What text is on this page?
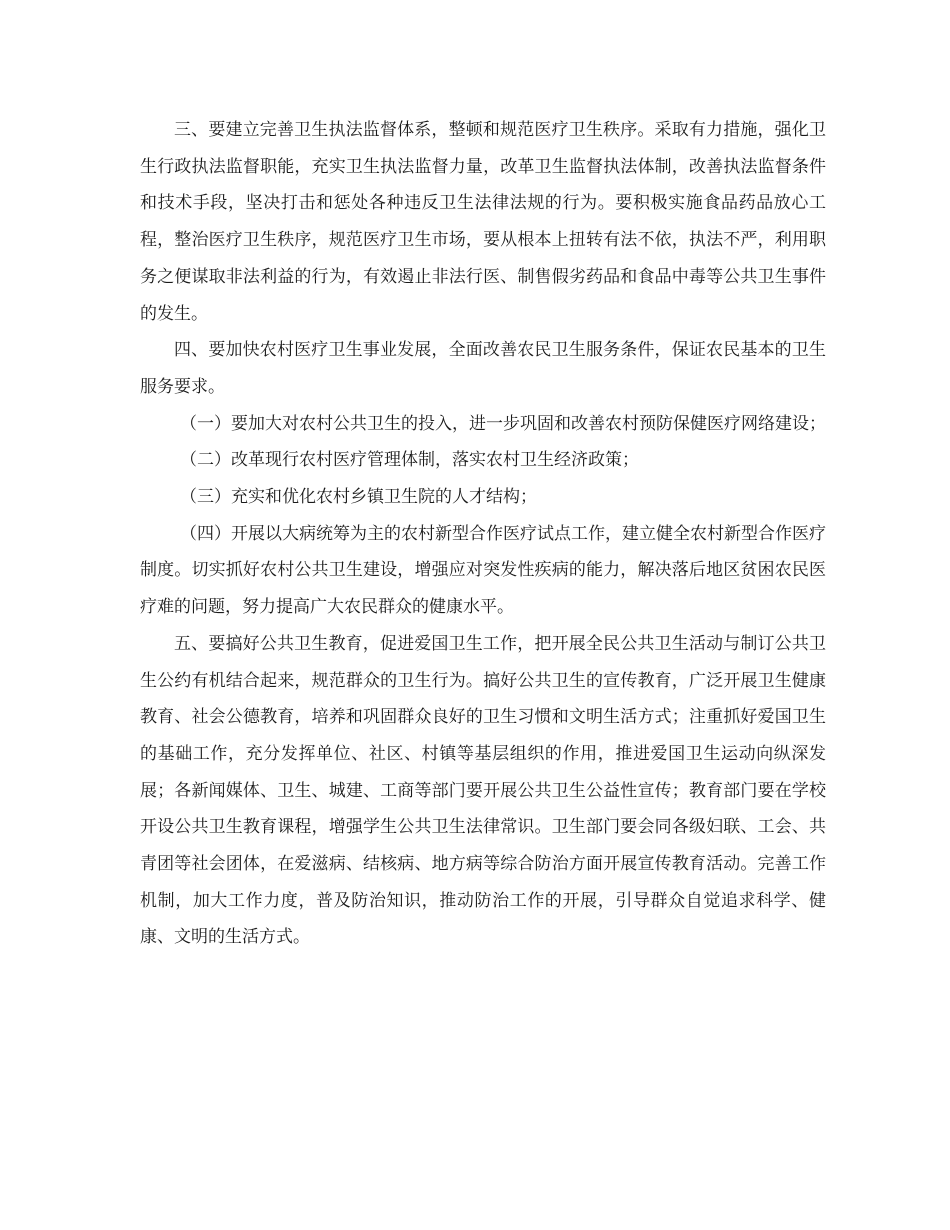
三、要建立完善卫生执法监督体系，整顿和规范医疗卫生秩序。采取有力措施，强化卫生行政执法监督职能，充实卫生执法监督力量，改革卫生监督执法体制，改善执法监督条件和技术手段，坚决打击和惩处各种违反卫生法律法规的行为。要积极实施食品药品放心工程，整治医疗卫生秩序，规范医疗卫生市场，要从根本上扭转有法不依，执法不严，利用职务之便谋取非法利益的行为，有效遏止非法行医、制售假劣药品和食品中毒等公共卫生事件的发生。

四、要加快农村医疗卫生事业发展，全面改善农民卫生服务条件，保证农民基本的卫生服务要求。

（一）要加大对农村公共卫生的投入，进一步巩固和改善农村预防保健医疗网络建设；

（二）改革现行农村医疗管理体制，落实农村卫生经济政策；

（三）充实和优化农村乡镇卫生院的人才结构；

（四）开展以大病统筹为主的农村新型合作医疗试点工作，建立健全农村新型合作医疗制度。切实抓好农村公共卫生建设，增强应对突发性疾病的能力，解决落后地区贫困农民医疗难的问题，努力提高广大农民群众的健康水平。

五、要搞好公共卫生教育，促进爱国卫生工作，把开展全民公共卫生活动与制订公共卫生公约有机结合起来，规范群众的卫生行为。搞好公共卫生的宣传教育，广泛开展卫生健康教育、社会公德教育，培养和巩固群众良好的卫生习惯和文明生活方式；注重抓好爱国卫生的基础工作，充分发挥单位、社区、村镇等基层组织的作用，推进爱国卫生运动向纵深发展；各新闻媒体、卫生、城建、工商等部门要开展公共卫生公益性宣传；教育部门要在学校开设公共卫生教育课程，增强学生公共卫生法律常识。卫生部门要会同各级妇联、工会、共青团等社会团体，在爱滋病、结核病、地方病等综合防治方面开展宣传教育活动。完善工作机制，加大工作力度，普及防治知识，推动防治工作的开展，引导群众自觉追求科学、健康、文明的生活方式。
